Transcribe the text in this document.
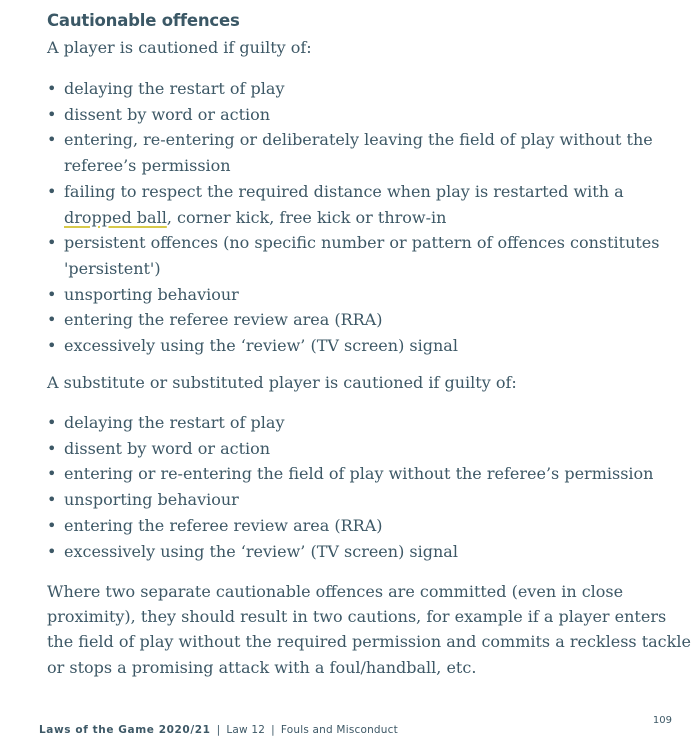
Cautionable offences

A player is cautioned if guilty of:

• delaying the restart of play
• dissent by word or action
• entering, re-entering or deliberately leaving the field of play without the
referee’s permission
• failing to respect the required distance when play is restarted with a
dropped ball, corner kick, free kick or throw-in
• persistent offences (no specific number or pattern of offences constitutes
'persistent')
• unsporting behaviour
• entering the referee review area (RRA)
• excessively using the ‘review’ (TV screen) signal

A substitute or substituted player is cautioned if guilty of:

• delaying the restart of play
• dissent by word or action
• entering or re-entering the field of play without the referee’s permission
• unsporting behaviour
• entering the referee review area (RRA)
• excessively using the ‘review’ (TV screen) signal

Where two separate cautionable offences are committed (even in close
proximity), they should result in two cautions, for example if a player enters
the field of play without the required permission and commits a reckless tackle
or stops a promising attack with a foul/handball, etc.

Laws of the Game 2020/21 | Law 12 | Fouls and Misconduct
109
